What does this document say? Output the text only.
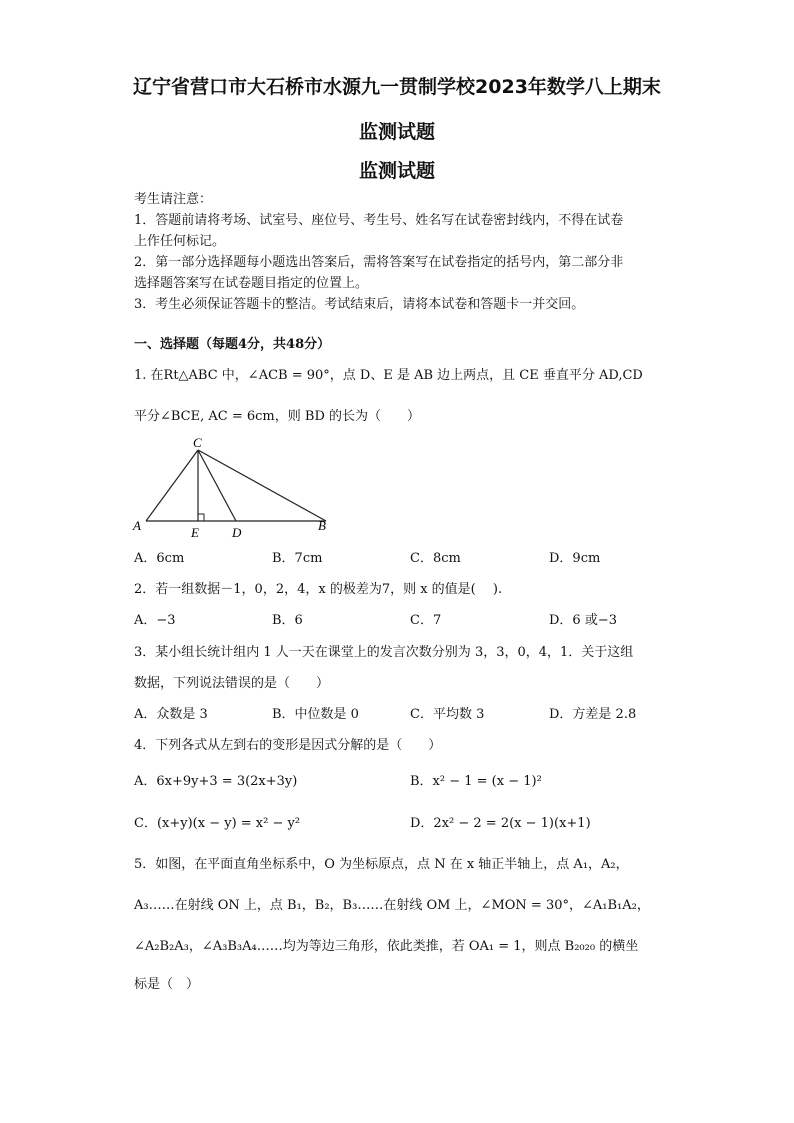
辽宁省营口市大石桥市水源九一贯制学校2023年数学八上期末
监测试题
监测试题
考生请注意：
1．答题前请将考场、试室号、座位号、考生号、姓名写在试卷密封线内，不得在试卷
上作任何标记。
2．第一部分选择题每小题选出答案后，需将答案写在试卷指定的括号内，第二部分非
选择题答案写在试卷题目指定的位置上。
3．考生必须保证答题卡的整洁。考试结束后，请将本试卷和答题卡一并交回。
一、选择题（每题4分，共48分）
1. 在Rt△ABC 中，∠ACB = 90°，点 D、E 是 AB 边上两点，且 CE 垂直平分 AD,CD
平分∠BCE, AC = 6cm，则 BD 的长为（　　）
C
A	E	D	B
A．6cm	B．7cm	C．8cm	D．9cm
2．若一组数据－1，0，2，4，x 的极差为7，则 x 的值是(　 ).
A．−3	B．6	C．7	D．6 或−3
3．某小组长统计组内 1 人一天在课堂上的发言次数分别为 3，3，0，4，1．关于这组
数据，下列说法错误的是（　　）
A．众数是 3	B．中位数是 0	C．平均数 3	D．方差是 2.8
4．下列各式从左到右的变形是因式分解的是（　　）
A．6x+9y+3 = 3(2x+3y)	B．x² − 1 = (x − 1)²
C．(x+y)(x − y) = x² − y²	D．2x² − 2 = 2(x − 1)(x+1)
5．如图，在平面直角坐标系中，O 为坐标原点，点 N 在 x 轴正半轴上，点 A₁，A₂，
A₃……在射线 ON 上，点 B₁，B₂，B₃……在射线 OM 上，∠MON = 30°，∠A₁B₁A₂，
∠A₂B₂A₃，∠A₃B₃A₄……均为等边三角形，依此类推，若 OA₁ = 1，则点 B₂₀₂₀ 的横坐
标是（　）
